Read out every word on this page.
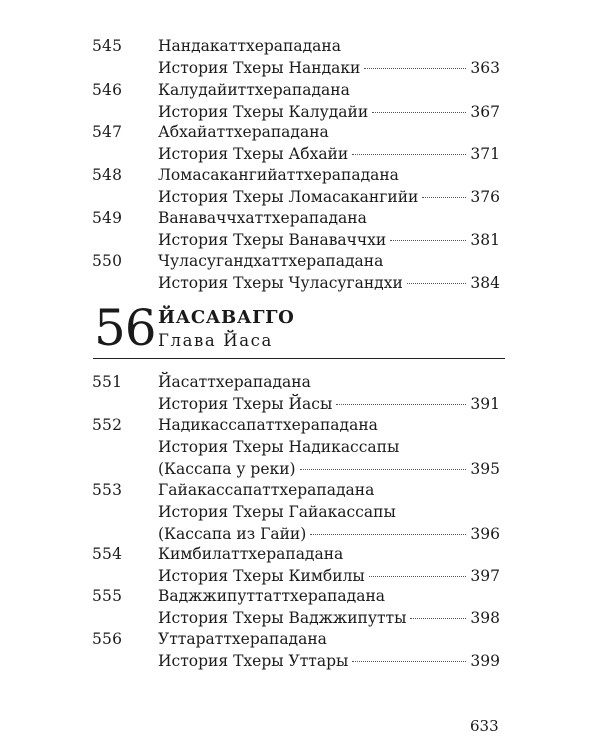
545	Нандакаттхерападана
История Тхеры Нандаки	363
546	Калудайиттхерападана
История Тхеры Калудайи	367
547	Абхайаттхерападана
История Тхеры Абхайи	371
548	Ломасакангийаттхерападана
История Тхеры Ломасакангийи	376
549	Ванаваччхаттхерападана
История Тхеры Ванаваччхи	381
550	Чуласугандхаттхерападана
История Тхеры Чуласугандхи	384
56 ЙАСАВАГГО
Глава Йаса
551	Йасаттхерападана
История Тхеры Йасы	391
552	Надикассапаттхерападана
История Тхеры Надикассапы
(Кассапа у реки)	395
553	Гайакассапаттхерападана
История Тхеры Гайакассапы
(Кассапа из Гайи)	396
554	Кимбилаттхерападана
История Тхеры Кимбилы	397
555	Ваджжипуттаттхерападана
История Тхеры Ваджжипутты	398
556	Уттараттхерападана
История Тхеры Уттары	399
633
